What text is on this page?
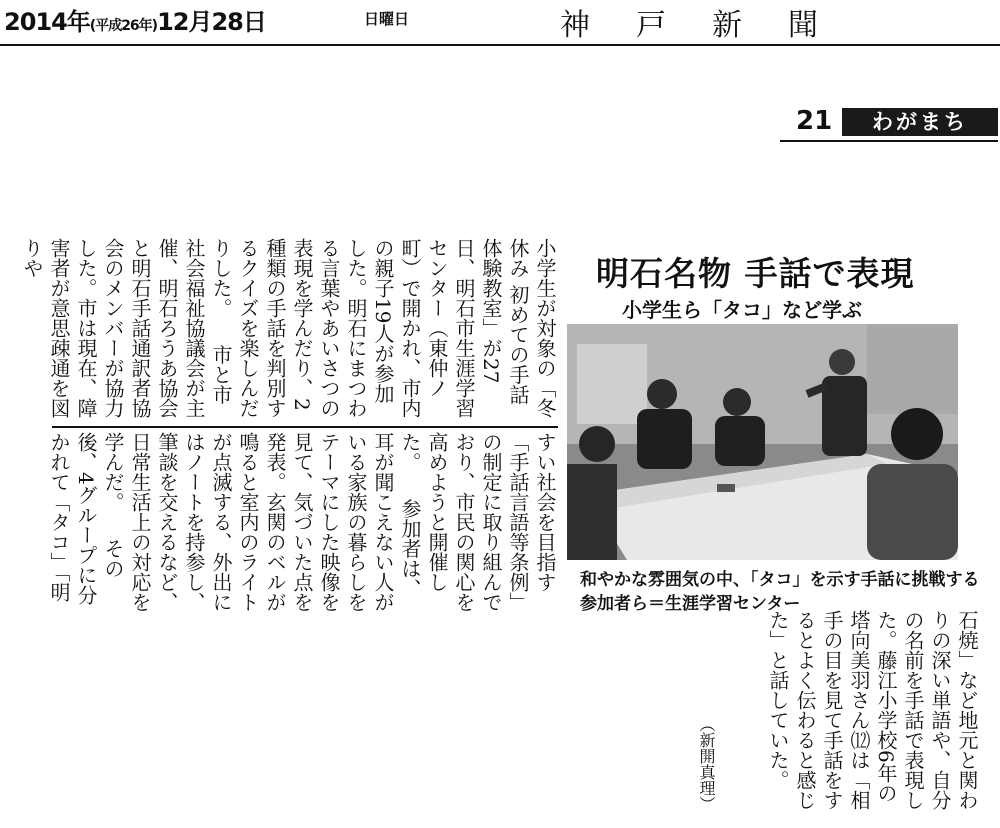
2014年(平成26年)12月28日	日曜日	神戸新聞
21	わがまち
明石名物 手話で表現
小学生ら「タコ」など学ぶ
和やかな雰囲気の中、「タコ」を示す手話に挑戦する参加者ら＝生涯学習センター
小学生が対象の「冬休み 初めての手話体験教室」が27日、明石市生涯学習センター（東仲ノ町）で開かれ、市内の親子19人が参加した。明石にまつわる言葉やあいさつの表現を学んだり、2種類の手話を判別するクイズを楽しんだりした。 　市と市社会福祉協議会が主催、明石ろうあ協会と明石手話通訳者協会のメンバーが協力した。市は現在、障害者が意思疎通を図りや
すい社会を目指す「手話言語等条例」の制定に取り組んでおり、市民の関心を高めようと開催した。 　参加者は、耳が聞こえない人がいる家族の暮らしをテーマにした映像を見て、気づいた点を発表。玄関のベルが鳴ると室内のライトが点滅する、外出にはノートを持参し、筆談を交えるなど、日常生活上の対応を学んだ。 　その後、4グループに分かれて「タコ」「明
石焼」など地元と関わりの深い単語や、自分の名前を手話で表現した。藤江小学校6年の塔向美羽さん⑿は「相手の目を見て手話をするとよく伝わると感じた」と話していた。
（新開真理）
